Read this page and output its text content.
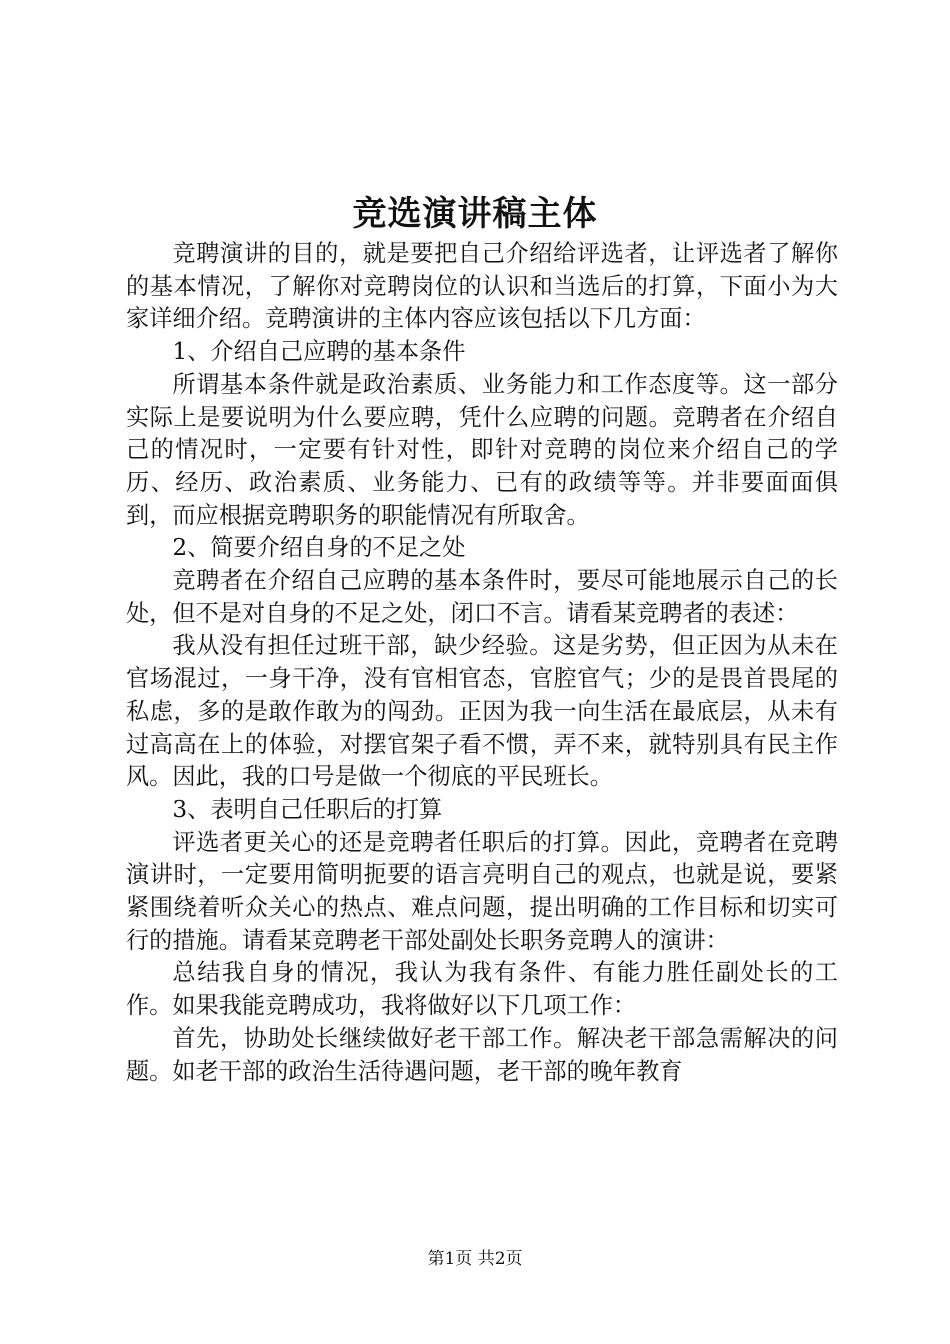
竞选演讲稿主体

竞聘演讲的目的，就是要把自己介绍给评选者，让评选者了解你的基本情况，了解你对竞聘岗位的认识和当选后的打算，下面小为大家详细介绍。竞聘演讲的主体内容应该包括以下几方面：

1、介绍自己应聘的基本条件

所谓基本条件就是政治素质、业务能力和工作态度等。这一部分实际上是要说明为什么要应聘，凭什么应聘的问题。竞聘者在介绍自己的情况时，一定要有针对性，即针对竞聘的岗位来介绍自己的学历、经历、政治素质、业务能力、已有的政绩等等。并非要面面俱到，而应根据竞聘职务的职能情况有所取舍。

2、简要介绍自身的不足之处

竞聘者在介绍自己应聘的基本条件时，要尽可能地展示自己的长处，但不是对自身的不足之处，闭口不言。请看某竞聘者的表述：

我从没有担任过班干部，缺少经验。这是劣势，但正因为从未在官场混过，一身干净，没有官相官态，官腔官气；少的是畏首畏尾的私虑，多的是敢作敢为的闯劲。正因为我一向生活在最底层，从未有过高高在上的体验，对摆官架子看不惯，弄不来，就特别具有民主作风。因此，我的口号是做一个彻底的平民班长。

3、表明自己任职后的打算

评选者更关心的还是竞聘者任职后的打算。因此，竞聘者在竞聘演讲时，一定要用简明扼要的语言亮明自己的观点，也就是说，要紧紧围绕着听众关心的热点、难点问题，提出明确的工作目标和切实可行的措施。请看某竞聘老干部处副处长职务竞聘人的演讲：

总结我自身的情况，我认为我有条件、有能力胜任副处长的工作。如果我能竞聘成功，我将做好以下几项工作：

首先，协助处长继续做好老干部工作。解决老干部急需解决的问题。如老干部的政治生活待遇问题，老干部的晚年教育

第1页 共2页
